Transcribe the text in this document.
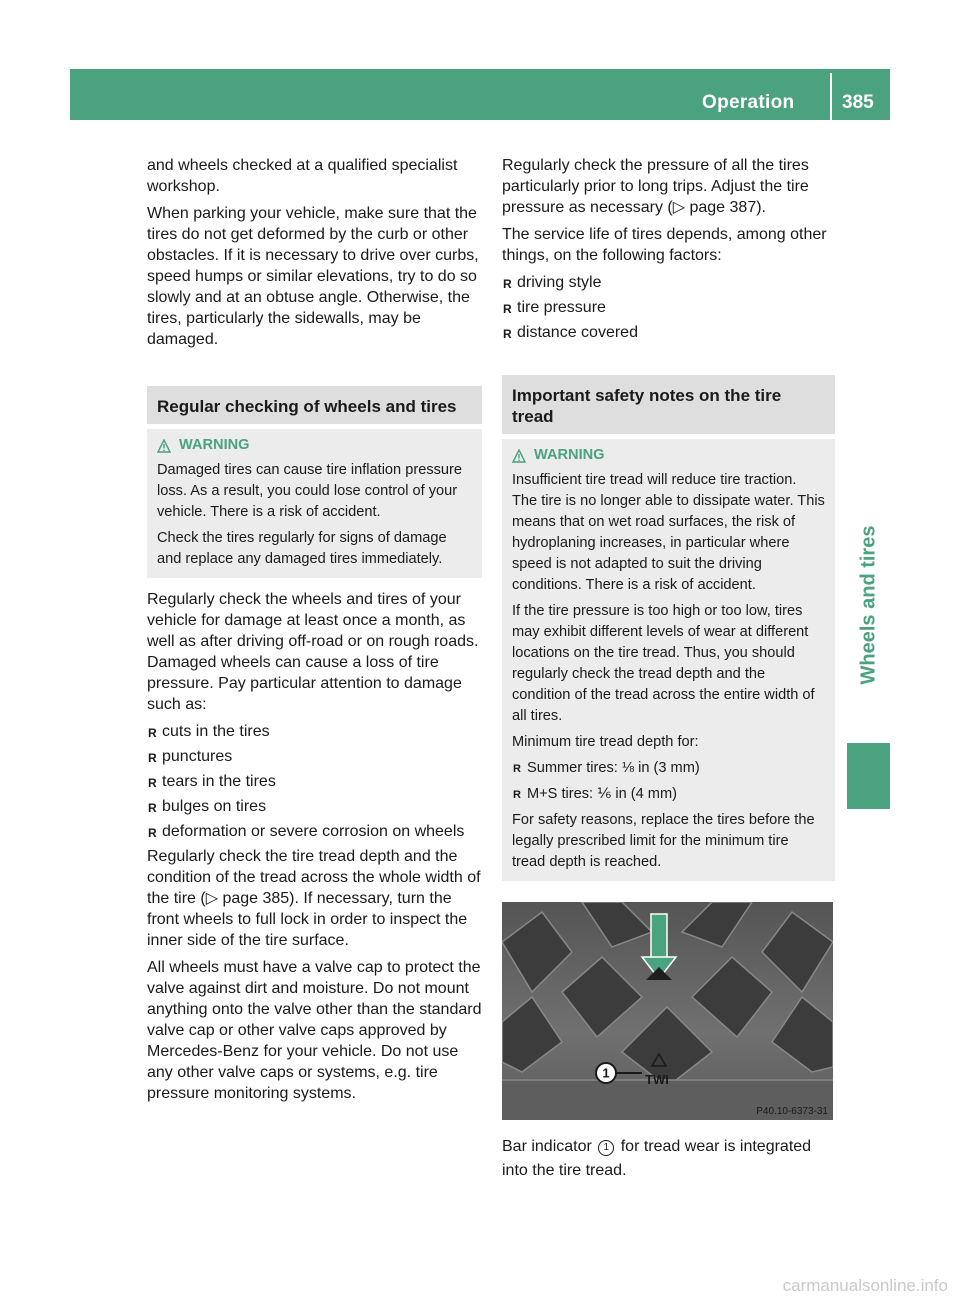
Operation	385
Wheels and tires

and wheels checked at a qualified specialist workshop.

When parking your vehicle, make sure that the tires do not get deformed by the curb or other obstacles. If it is necessary to drive over curbs, speed humps or similar elevations, try to do so slowly and at an obtuse angle. Otherwise, the tires, particularly the sidewalls, may be damaged.

Regular checking of wheels and tires
WARNING

Damaged tires can cause tire inflation pressure loss. As a result, you could lose control of your vehicle. There is a risk of accident.

Check the tires regularly for signs of damage and replace any damaged tires immediately.

Regularly check the wheels and tires of your vehicle for damage at least once a month, as well as after driving off-road or on rough roads. Damaged wheels can cause a loss of tire pressure. Pay particular attention to damage such as:

R cuts in the tires
R punctures
R tears in the tires
R bulges on tires
R deformation or severe corrosion on wheels

Regularly check the tire tread depth and the condition of the tread across the whole width of the tire (▷ page 385). If necessary, turn the front wheels to full lock in order to inspect the inner side of the tire surface.

All wheels must have a valve cap to protect the valve against dirt and moisture. Do not mount anything onto the valve other than the standard valve cap or other valve caps approved by Mercedes-Benz for your vehicle. Do not use any other valve caps or systems, e.g. tire pressure monitoring systems.

Regularly check the pressure of all the tires particularly prior to long trips. Adjust the tire pressure as necessary (▷ page 387).

The service life of tires depends, among other things, on the following factors:

R driving style
R tire pressure
R distance covered
Important safety notes on the tire tread
WARNING

Insufficient tire tread will reduce tire traction. The tire is no longer able to dissipate water. This means that on wet road surfaces, the risk of hydroplaning increases, in particular where speed is not adapted to suit the driving conditions. There is a risk of accident.

If the tire pressure is too high or too low, tires may exhibit different levels of wear at different locations on the tire tread. Thus, you should regularly check the tread depth and the condition of the tread across the entire width of all tires.

Minimum tire tread depth for:

R Summer tires: ⅛ in (3 mm)
R M+S tires: ⅙ in (4 mm)

For safety reasons, replace the tires before the legally prescribed limit for the minimum tire tread depth is reached.

1	TWI
P40.10-6373-31
Bar indicator 1 for tread wear is integrated into the tire tread.
carmanualsonline.info
